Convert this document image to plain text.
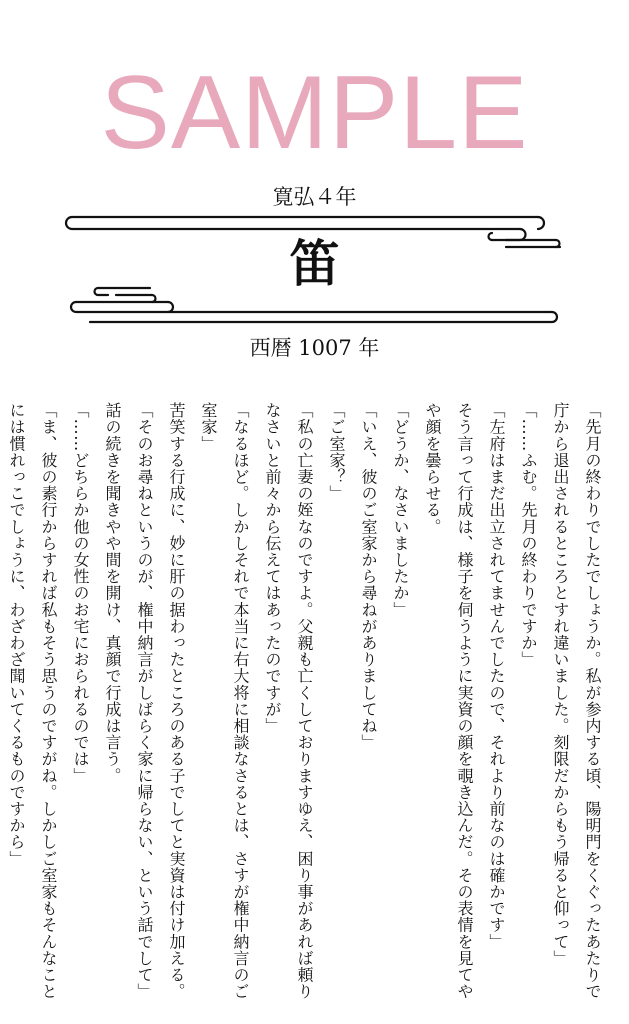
SAMPLE
寛弘４年
笛
西暦 1007 年

「先月の終わりでしたでしょうか。私が参内する頃、陽明門をくぐったあたりで庁から退出されるところとすれ違いました。刻限だからもう帰ると仰って」

「……ふむ。先月の終わりですか」

「左府はまだ出立されてませんでしたので、それより前なのは確かです」

そう言って行成は、様子を伺うように実資の顔を覗き込んだ。その表情を見てやや顔を曇らせる。

「どうか、なさいましたか」

「いえ、彼のご室家から尋ねがありましてね」

「ご室家？」

「私の亡妻の姪なのですよ。父親も亡くしておりますゆえ、困り事があれば頼りなさいと前々から伝えてはあったのですが」

「なるほど。しかしそれで本当に右大将に相談なさるとは、さすが権中納言のご室家」

苦笑する行成に、妙に肝の据わったところのある子でしてと実資は付け加える。

「そのお尋ねというのが、権中納言がしばらく家に帰らない、という話でして」

話の続きを聞きやや間を開け、真顔で行成は言う。

「……どちらか他の女性のお宅におられるのでは」

「ま、彼の素行からすれば私もそう思うのですがね。しかしご室家もそんなことには慣れっこでしょうに、わざわざ聞いてくるものですから」
